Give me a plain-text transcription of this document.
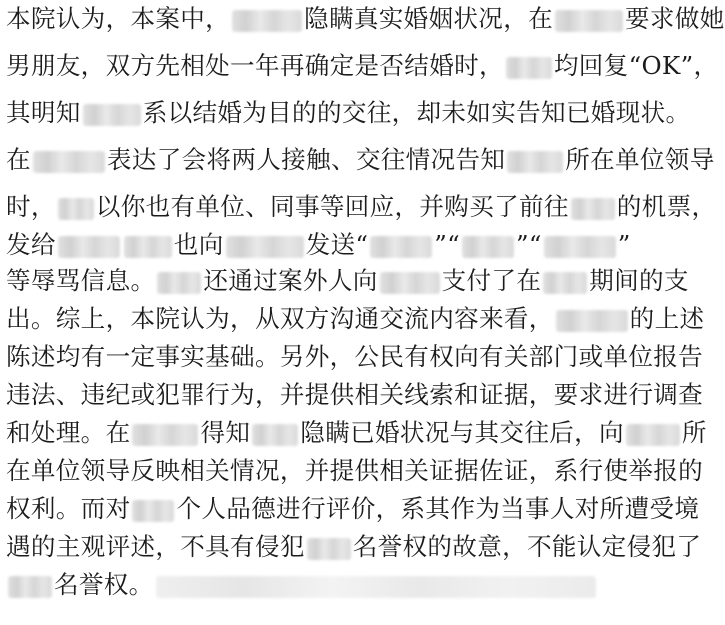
本院认为，本案中，	隐瞒真实婚姻状况，在	要求做她
男朋友，双方先相处一年再确定是否结婚时， 均回复“OK”，
其明知	系以结婚为目的的交往，却未如实告知已婚现状。
在	表达了会将两人接触、交往情况告知 所在单位领导
时， 以你也有单位、同事等回应，并购买了前往 的机票，
发给	也向	发送“	”“ ”“	”
等辱骂信息。 还通过案外人向	支付了在 期间的支
出。综上，本院认为，从双方沟通交流内容来看，	的上述
陈述均有一定事实基础。另外，公民有权向有关部门或单位报告
违法、违纪或犯罪行为，并提供相关线索和证据，要求进行调查
和处理。在	得知 隐瞒已婚状况与其交往后，向 所
在单位领导反映相关情况，并提供相关证据佐证，系行使举报的
权利。而对 个人品德进行评价，系其作为当事人对所遭受境
遇的主观评述，不具有侵犯 名誉权的故意，不能认定侵犯了
名誉权。
